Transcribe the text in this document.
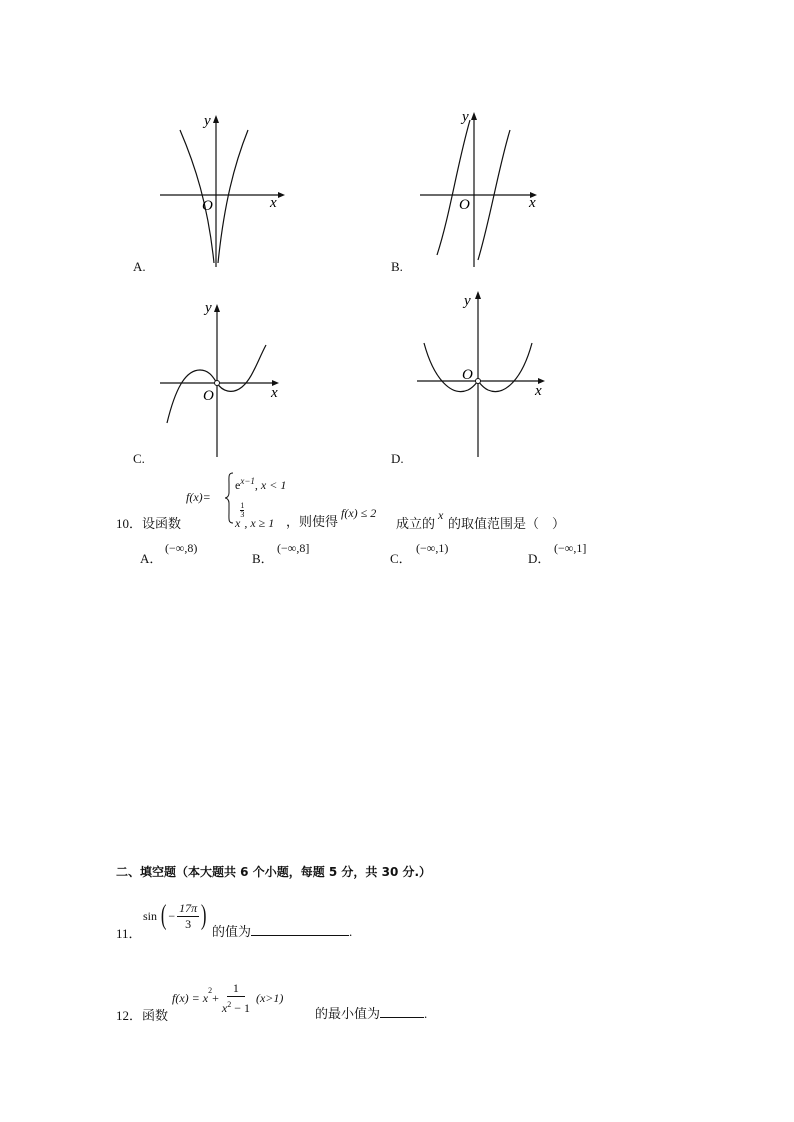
y
x
O
A.
y
x
O
B.
y
x
O
C.
y
x
O
D.
10．设函数
f(x)=
$e^{x-1}$, x < 1
x
$\frac{1}{3}$
, x ≥ 1 ，则使得
f(x) ≤ 2
成立的
x
的取值范围是（　）
A．
(−∞,8)
B．
(−∞,8]
C．
(−∞,1)
D．
(−∞,1]
二、填空题（本大题共 6 个小题，每题 5 分，共 30 分.）
11．
sin ( − $\frac{17\pi}{3}$ )
的值为	.
12．函数
$f(x) = x^2 + \frac{1}{x^2 - 1} (x>1)$
的最小值为	.
